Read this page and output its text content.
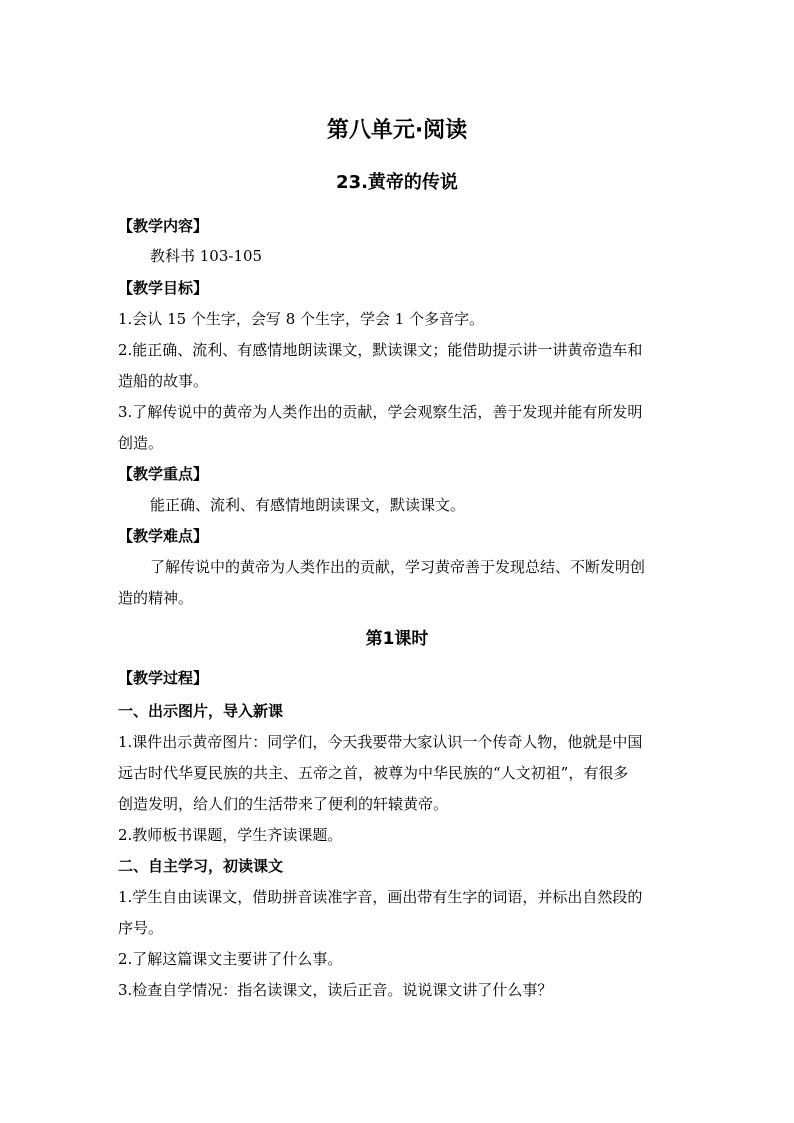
第八单元·阅读
23.黄帝的传说
【教学内容】
教科书 103-105
【教学目标】
1.会认 15 个生字，会写 8 个生字，学会 1 个多音字。
2.能正确、流利、有感情地朗读课文，默读课文；能借助提示讲一讲黄帝造车和
造船的故事。
3.了解传说中的黄帝为人类作出的贡献，学会观察生活，善于发现并能有所发明
创造。
【教学重点】
能正确、流利、有感情地朗读课文，默读课文。
【教学难点】
了解传说中的黄帝为人类作出的贡献，学习黄帝善于发现总结、不断发明创
造的精神。
第1课时
【教学过程】
一、出示图片，导入新课
1.课件出示黄帝图片：同学们，今天我要带大家认识一个传奇人物，他就是中国
远古时代华夏民族的共主、五帝之首，被尊为中华民族的“人文初祖”，有很多
创造发明，给人们的生活带来了便利的轩辕黄帝。
2.教师板书课题，学生齐读课题。
二、自主学习，初读课文
1.学生自由读课文，借助拼音读准字音，画出带有生字的词语，并标出自然段的
序号。
2.了解这篇课文主要讲了什么事。
3.检查自学情况：指名读课文，读后正音。说说课文讲了什么事？
